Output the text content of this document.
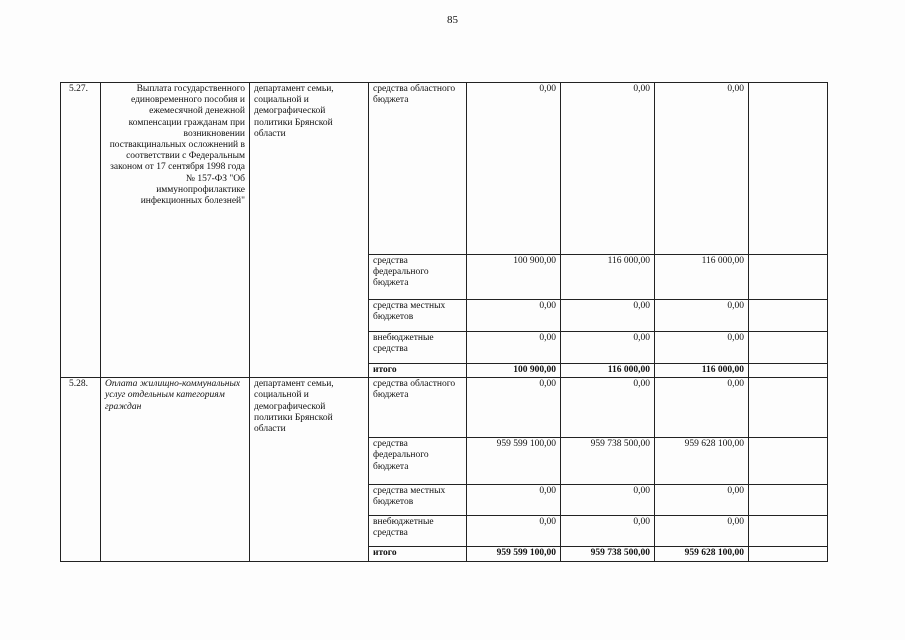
85
5.27.	Выплата государственного единовременного пособия и ежемесячной денежной компенсации гражданам при возникновении поствакцинальных осложнений в соответствии с Федеральным законом от 17 сентября 1998 года № 157-ФЗ "Об иммунопрофилактике инфекционных болезней"	департамент семьи, социальной и демографической политики Брянской области	средства областного бюджета	0,00	0,00	0,00	
			средства федерального бюджета	100 900,00	116 000,00	116 000,00	
			средства местных бюджетов	0,00	0,00	0,00	
			внебюджетные средства	0,00	0,00	0,00	
			итого	100 900,00	116 000,00	116 000,00	
5.28.	Оплата жилищно-коммунальных услуг отдельным категориям граждан	департамент семьи, социальной и демографической политики Брянской области	средства областного бюджета	0,00	0,00	0,00	
			средства федерального бюджета	959 599 100,00	959 738 500,00	959 628 100,00	
			средства местных бюджетов	0,00	0,00	0,00	
			внебюджетные средства	0,00	0,00	0,00	
			итого	959 599 100,00	959 738 500,00	959 628 100,00	
